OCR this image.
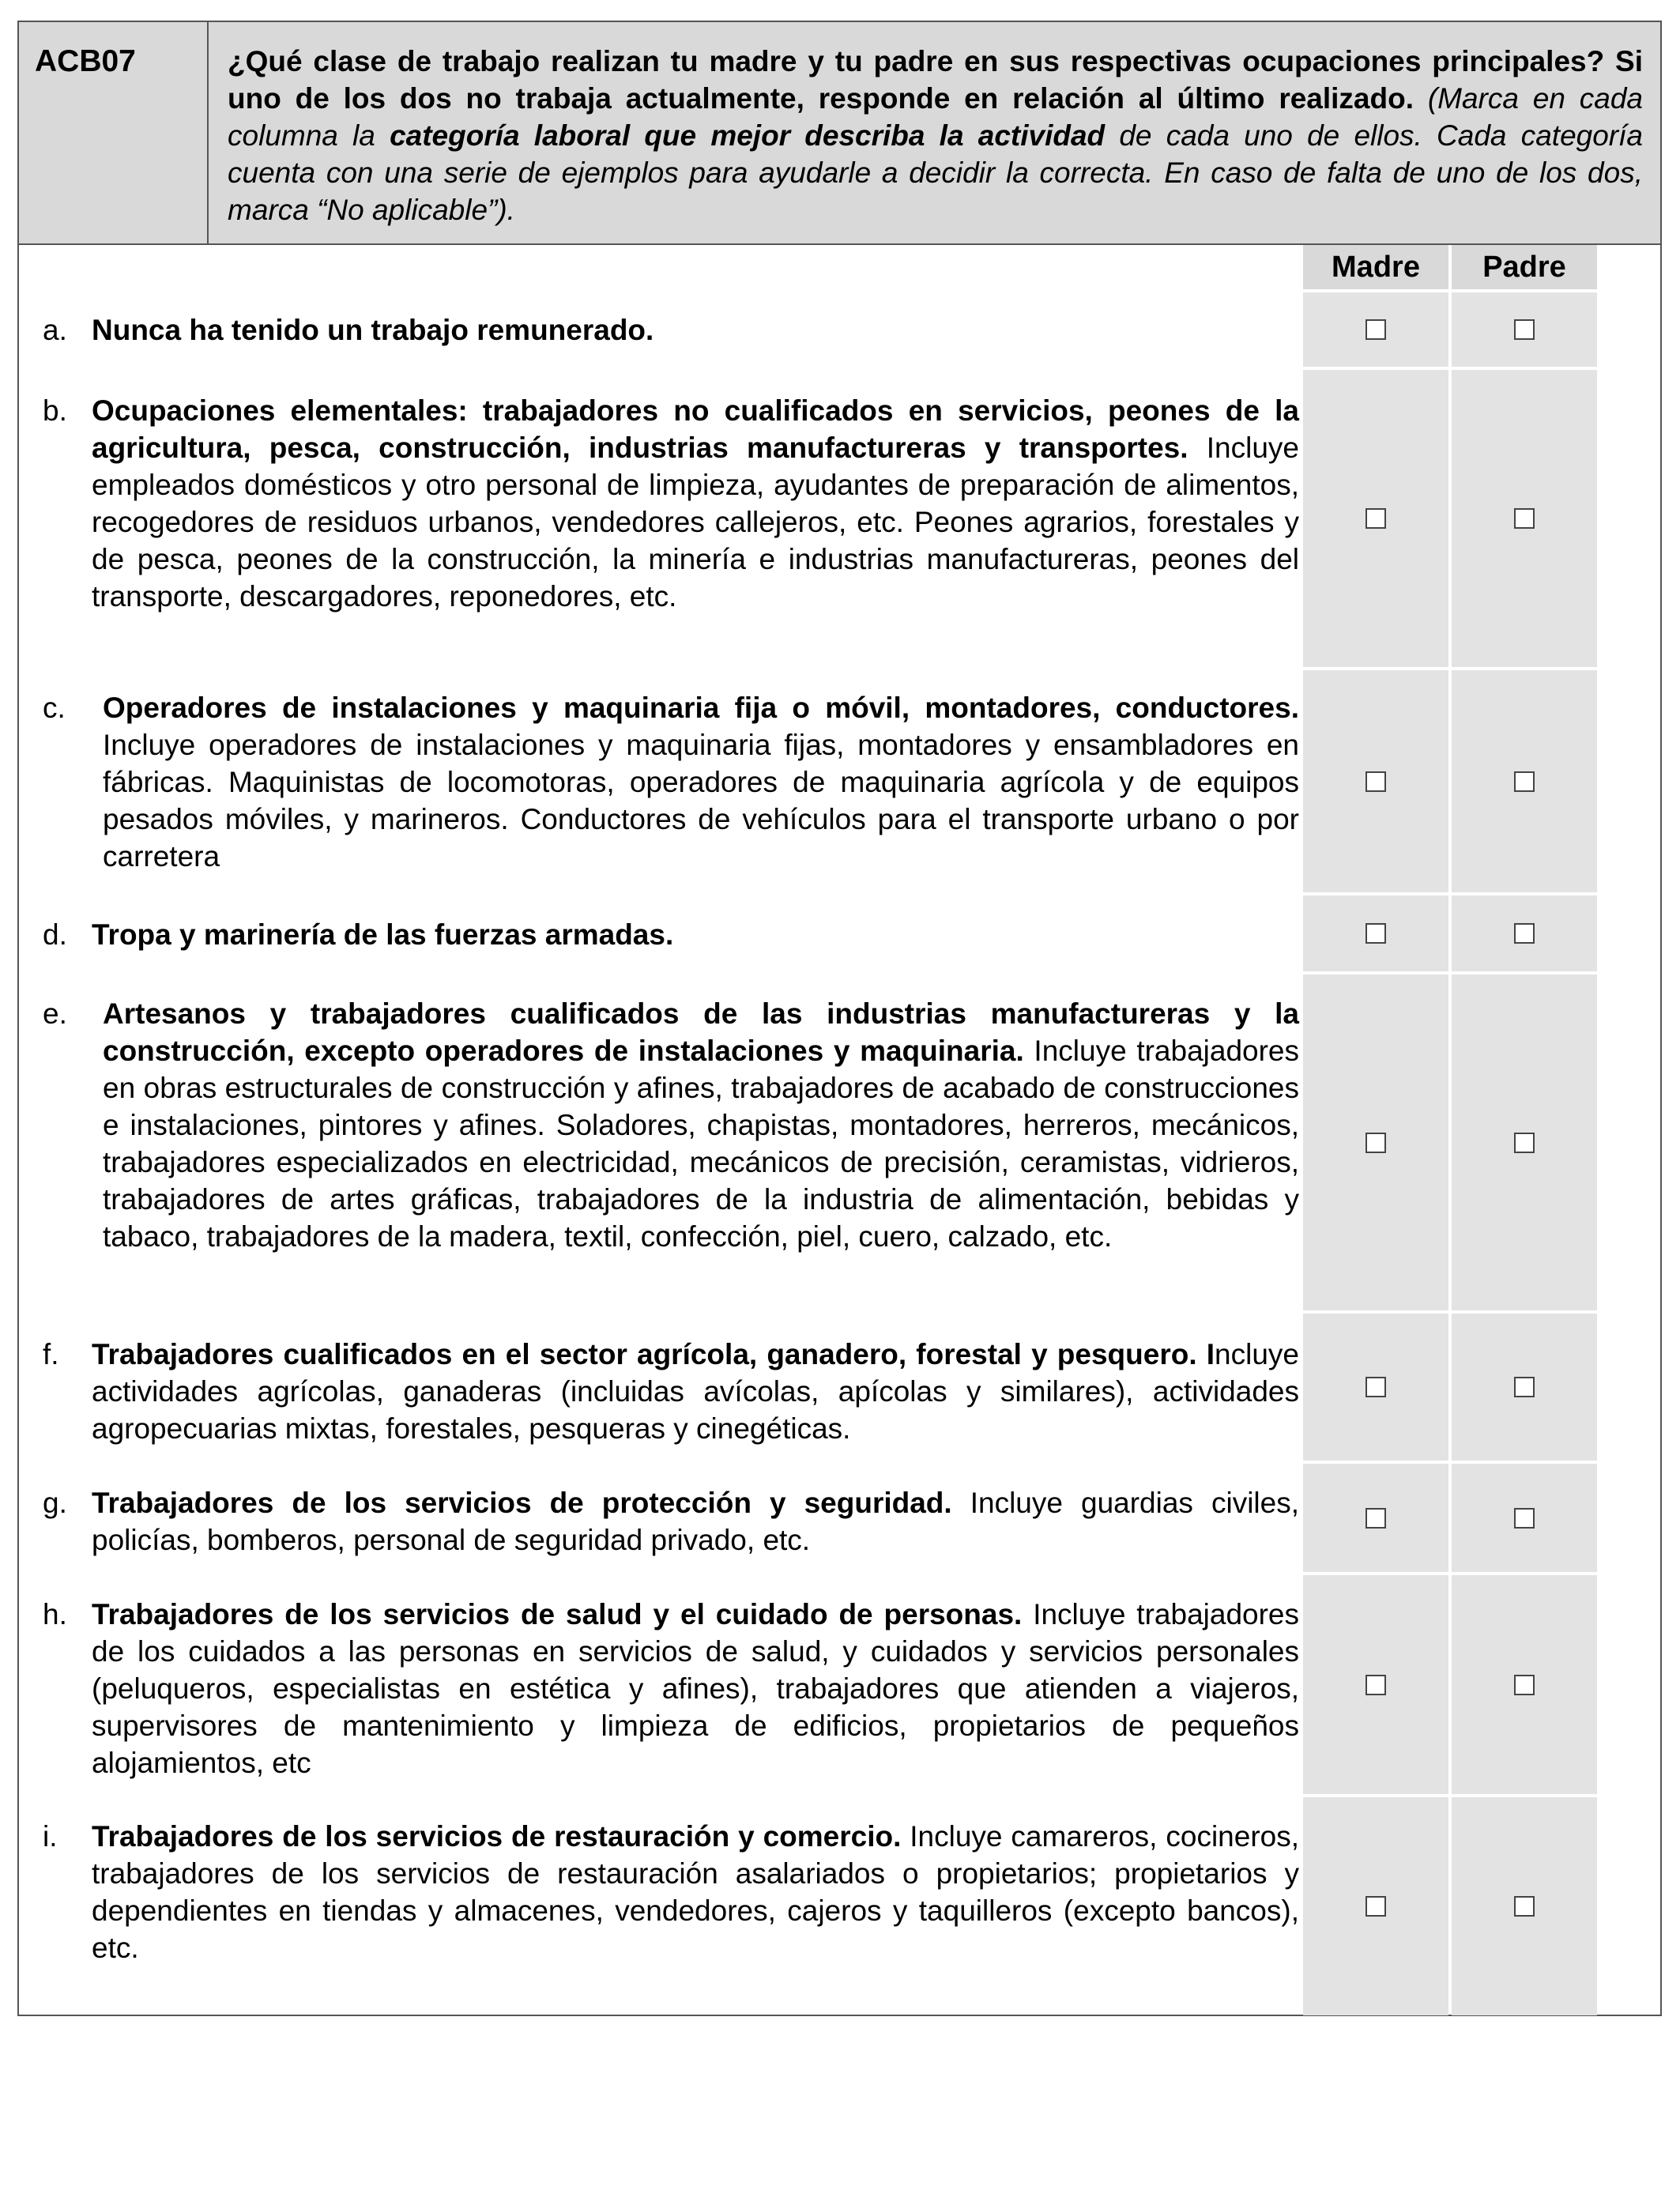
ACB07	¿Qué clase de trabajo realizan tu madre y tu padre en sus respectivas ocupaciones principales? Si uno de los dos no trabaja actualmente, responde en relación al último realizado. (Marca en cada columna la categoría laboral que mejor describa la actividad de cada uno de ellos. Cada categoría cuenta con una serie de ejemplos para ayudarle a decidir la correcta. En caso de falta de uno de los dos, marca “No aplicable”).
Madre	Padre
a. Nunca ha tenido un trabajo remunerado.
b. Ocupaciones elementales: trabajadores no cualificados en servicios, peones de la agricultura, pesca, construcción, industrias manufactureras y transportes. Incluye empleados domésticos y otro personal de limpieza, ayudantes de preparación de alimentos, recogedores de residuos urbanos, vendedores callejeros, etc. Peones agrarios, forestales y de pesca, peones de la construcción, la minería e industrias manufactureras, peones del transporte, descargadores, reponedores, etc.
c. Operadores de instalaciones y maquinaria fija o móvil, montadores, conductores. Incluye operadores de instalaciones y maquinaria fijas, montadores y ensambladores en fábricas. Maquinistas de locomotoras, operadores de maquinaria agrícola y de equipos pesados móviles, y marineros. Conductores de vehículos para el transporte urbano o por carretera
d. Tropa y marinería de las fuerzas armadas.
e. Artesanos y trabajadores cualificados de las industrias manufactureras y la construcción, excepto operadores de instalaciones y maquinaria. Incluye trabajadores en obras estructurales de construcción y afines, trabajadores de acabado de construcciones e instalaciones, pintores y afines. Soladores, chapistas, montadores, herreros, mecánicos, trabajadores especializados en electricidad, mecánicos de precisión, ceramistas, vidrieros, trabajadores de artes gráficas, trabajadores de la industria de alimentación, bebidas y tabaco, trabajadores de la madera, textil, confección, piel, cuero, calzado, etc.
f. Trabajadores cualificados en el sector agrícola, ganadero, forestal y pesquero. Incluye actividades agrícolas, ganaderas (incluidas avícolas, apícolas y similares), actividades agropecuarias mixtas, forestales, pesqueras y cinegéticas.
g. Trabajadores de los servicios de protección y seguridad. Incluye guardias civiles, policías, bomberos, personal de seguridad privado, etc.
h. Trabajadores de los servicios de salud y el cuidado de personas. Incluye trabajadores de los cuidados a las personas en servicios de salud, y cuidados y servicios personales (peluqueros, especialistas en estética y afines), trabajadores que atienden a viajeros, supervisores de mantenimiento y limpieza de edificios, propietarios de pequeños alojamientos, etc
i. Trabajadores de los servicios de restauración y comercio. Incluye camareros, cocineros, trabajadores de los servicios de restauración asalariados o propietarios; propietarios y dependientes en tiendas y almacenes, vendedores, cajeros y taquilleros (excepto bancos), etc.
